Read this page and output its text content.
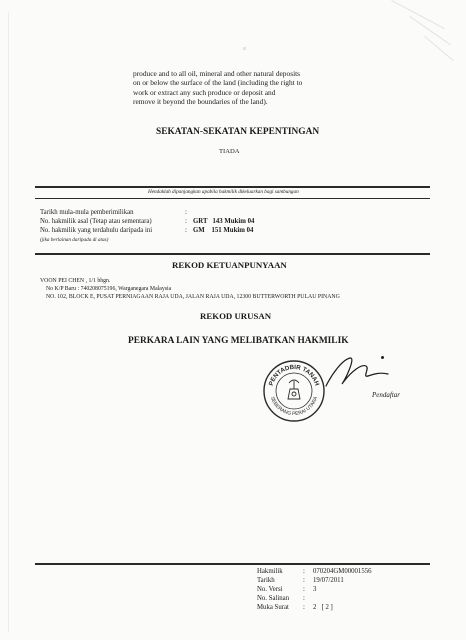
produce and to all oil, mineral and other natural deposits
on or below the surface of the land (including the right to
work or extract any such produce or deposit and
remove it beyond the boundaries of the land).
SEKATAN-SEKATAN KEPENTINGAN
TIADA
Hendaklah dipanjangkan apabila hakmilik dikeluarkan bagi sambungan
Tarikh mula-mula pemberimilikan	:
No. hakmilik asal (Tetap atau sementara)	: GRT   143 Mukim 04
No. hakmilik yang terdahulu daripada ini	: GM    151 Mukim 04
(jika berlainan daripada di atas)
REKOD KETUANPUNYAAN
VOON PEI CHEN , 1/1 bhgn.
No K/P Baru : 740208075196, Warganegara Malaysia
NO. 102, BLOCK E, PUSAT PERNIAGAAN RAJA UDA, JALAN RAJA UDA, 12300 BUTTERWORTH PULAU PINANG
REKOD URUSAN
PERKARA LAIN YANG MELIBATKAN HAKMILIK
PENTADBIR TANAH
SEBERANG PERAI UTARA	Pendaftar
Hakmilik	: 070204GM00001556
Tarikh	: 19/07/2011
No. Versi	: 3
No. Salinan :
Muka Surat : 2   [ 2 ]
